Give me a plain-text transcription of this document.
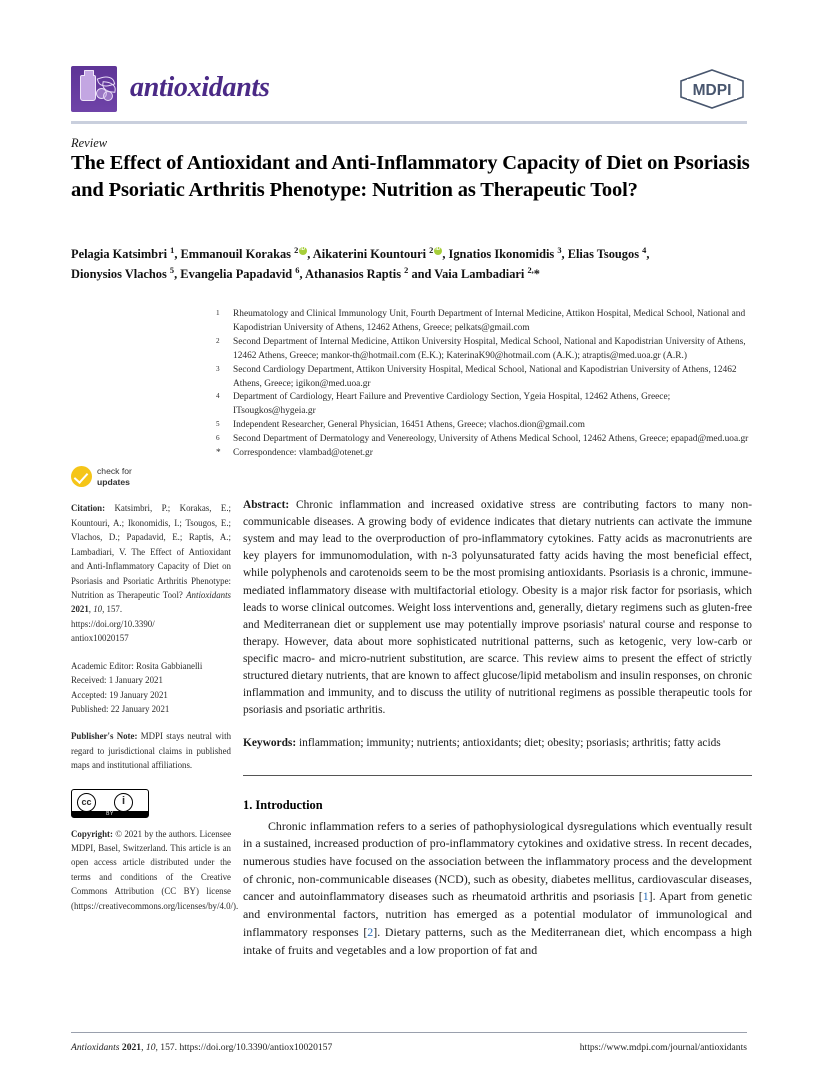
antioxidants	MDPI
Review
The Effect of Antioxidant and Anti-Inflammatory Capacity of Diet on Psoriasis and Psoriatic Arthritis Phenotype: Nutrition as Therapeutic Tool?
Pelagia Katsimbri $^1$, Emmanouil Korakas $^2$ iD , Aikaterini Kountouri $^2$ iD , Ignatios Ikonomidis $^3$, Elias Tsougos $^4$,
Dionysios Vlachos $^5$, Evangelia Papadavid $^6$, Athanasios Raptis $^2$ and Vaia Lambadiari $^{2,}$*
1	Rheumatology and Clinical Immunology Unit, Fourth Department of Internal Medicine, Attikon Hospital, Medical School, National and Kapodistrian University of Athens, 12462 Athens, Greece; pelkats@gmail.com
2	Second Department of Internal Medicine, Attikon University Hospital, Medical School, National and Kapodistrian University of Athens, 12462 Athens, Greece; mankor-th@hotmail.com (E.K.); KaterinaK90@hotmail.com (A.K.); atraptis@med.uoa.gr (A.R.)
3	Second Cardiology Department, Attikon University Hospital, Medical School, National and Kapodistrian University of Athens, 12462 Athens, Greece; igikon@med.uoa.gr
4	Department of Cardiology, Heart Failure and Preventive Cardiology Section, Ygeia Hospital, 12462 Athens, Greece; ITsougkos@hygeia.gr
5	Independent Researcher, General Physician, 16451 Athens, Greece; vlachos.dion@gmail.com
6	Second Department of Dermatology and Venereology, University of Athens Medical School, 12462 Athens, Greece; epapad@med.uoa.gr
*	Correspondence: vlambad@otenet.gr
check for
updates
Citation: Katsimbri, P.; Korakas, E.; Kountouri, A.; Ikonomidis, I.; Tsougos, E.; Vlachos, D.; Papadavid, E.; Raptis, A.; Lambadiari, V. The Effect of Antioxidant and Anti-Inflammatory Capacity of Diet on Psoriasis and Psoriatic Arthritis Phenotype: Nutrition as Therapeutic Tool? Antioxidants 2021, 10, 157.
https://doi.org/10.3390/
antiox10020157
Academic Editor: Rosita Gabbianelli
Received: 1 January 2021
Accepted: 19 January 2021
Published: 22 January 2021
Publisher's Note: MDPI stays neutral with regard to jurisdictional claims in published maps and institutional affiliations.
cc	i
BY
Copyright: © 2021 by the authors. Licensee MDPI, Basel, Switzerland. This article is an open access article distributed under the terms and conditions of the Creative Commons Attribution (CC BY) license (https://creativecommons.org/licenses/by/4.0/).
Abstract: Chronic inflammation and increased oxidative stress are contributing factors to many non-communicable diseases. A growing body of evidence indicates that dietary nutrients can activate the immune system and may lead to the overproduction of pro-inflammatory cytokines. Fatty acids as macronutrients are key players for immunomodulation, with n-3 polyunsaturated fatty acids having the most beneficial effect, while polyphenols and carotenoids seem to be the most promising antioxidants. Psoriasis is a chronic, immune-mediated inflammatory disease with multifactorial etiology. Obesity is a major risk factor for psoriasis, which leads to worse clinical outcomes. Weight loss interventions and, generally, dietary regimens such as gluten-free and Mediterranean diet or supplement use may potentially improve psoriasis' natural course and response to therapy. However, data about more sophisticated nutritional patterns, such as ketogenic, very low-carb or specific macro- and micro-nutrient substitution, are scarce. This review aims to present the effect of strictly structured dietary nutrients, that are known to affect glucose/lipid metabolism and insulin responses, on chronic inflammation and immunity, and to discuss the utility of nutritional regimens as possible therapeutic tools for psoriasis and psoriatic arthritis.
Keywords: inflammation; immunity; nutrients; antioxidants; diet; obesity; psoriasis; arthritis; fatty acids
1. Introduction
Chronic inflammation refers to a series of pathophysiological dysregulations which eventually result in a sustained, increased production of pro-inflammatory cytokines and oxidative stress. In recent decades, numerous studies have focused on the association between the inflammatory process and the development of chronic, non-communicable diseases (NCD), such as obesity, diabetes mellitus, cardiovascular diseases, cancer and autoinflammatory diseases such as rheumatoid arthritis and psoriasis [1]. Apart from genetic and environmental factors, nutrition has emerged as a potential modulator of immunological and inflammatory responses [2]. Dietary patterns, such as the Mediterranean diet, which encompass a high intake of fruits and vegetables and a low proportion of fat and
Antioxidants 2021, 10, 157. https://doi.org/10.3390/antiox10020157	https://www.mdpi.com/journal/antioxidants
